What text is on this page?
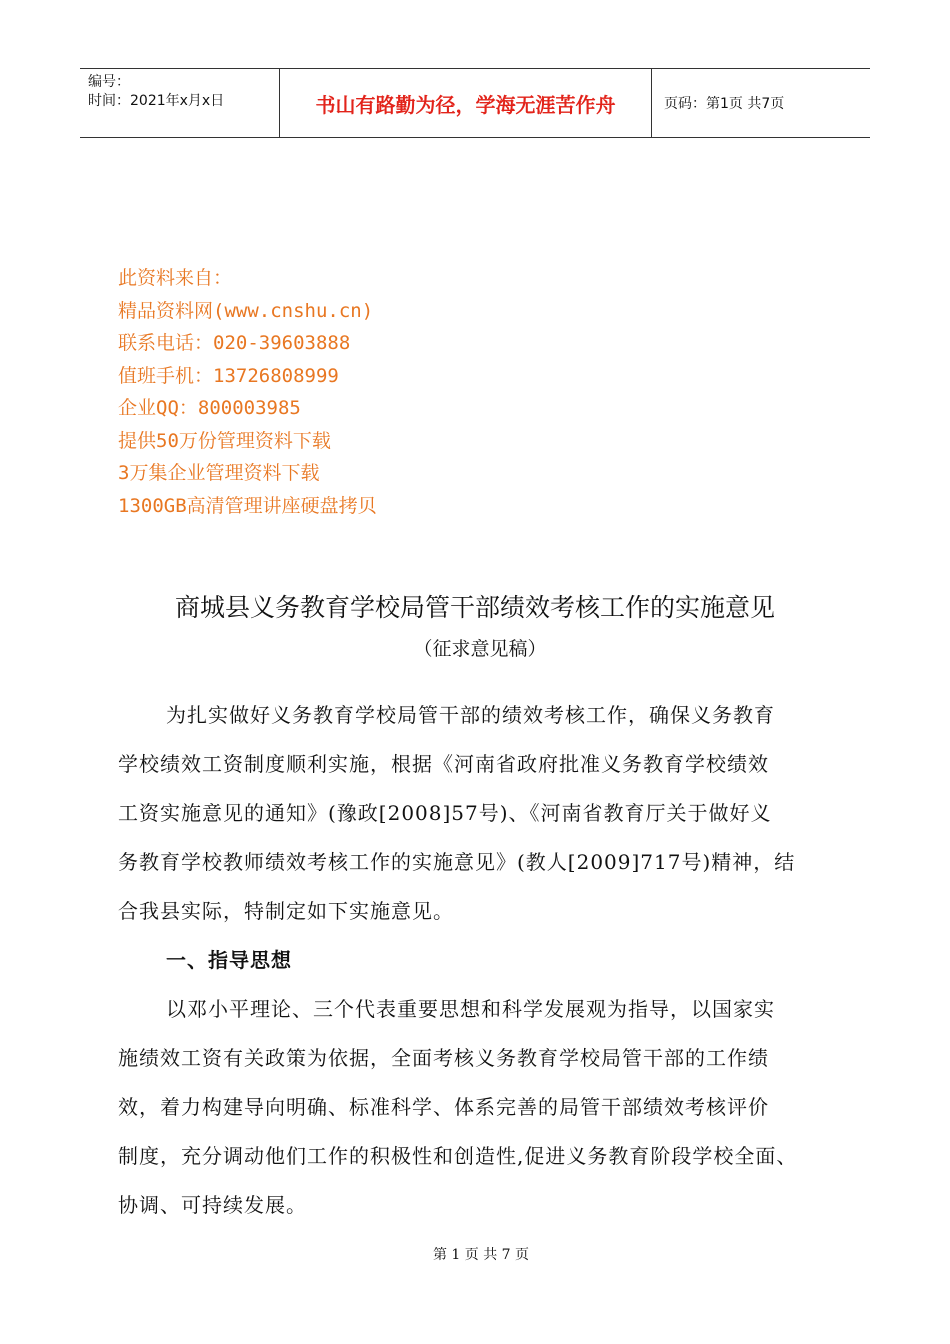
编号：
时间：2021年x月x日	书山有路勤为径，学海无涯苦作舟	页码：第1页 共7页
此资料来自：
精品资料网(www.cnshu.cn)
联系电话：020-39603888
值班手机：13726808999
企业QQ：800003985
提供50万份管理资料下载
3万集企业管理资料下载
1300GB高清管理讲座硬盘拷贝
商城县义务教育学校局管干部绩效考核工作的实施意见
（征求意见稿）
为扎实做好义务教育学校局管干部的绩效考核工作，确保义务教育
学校绩效工资制度顺利实施，根据《河南省政府批准义务教育学校绩效
工资实施意见的通知》(豫政[2008]57号)、《河南省教育厅关于做好义
务教育学校教师绩效考核工作的实施意见》(教人[2009]717号)精神，结
合我县实际，特制定如下实施意见。
一、指导思想
以邓小平理论、三个代表重要思想和科学发展观为指导，以国家实
施绩效工资有关政策为依据，全面考核义务教育学校局管干部的工作绩
效，着力构建导向明确、标准科学、体系完善的局管干部绩效考核评价
制度，充分调动他们工作的积极性和创造性,促进义务教育阶段学校全面、
协调、可持续发展。
第 1 页 共 7 页
